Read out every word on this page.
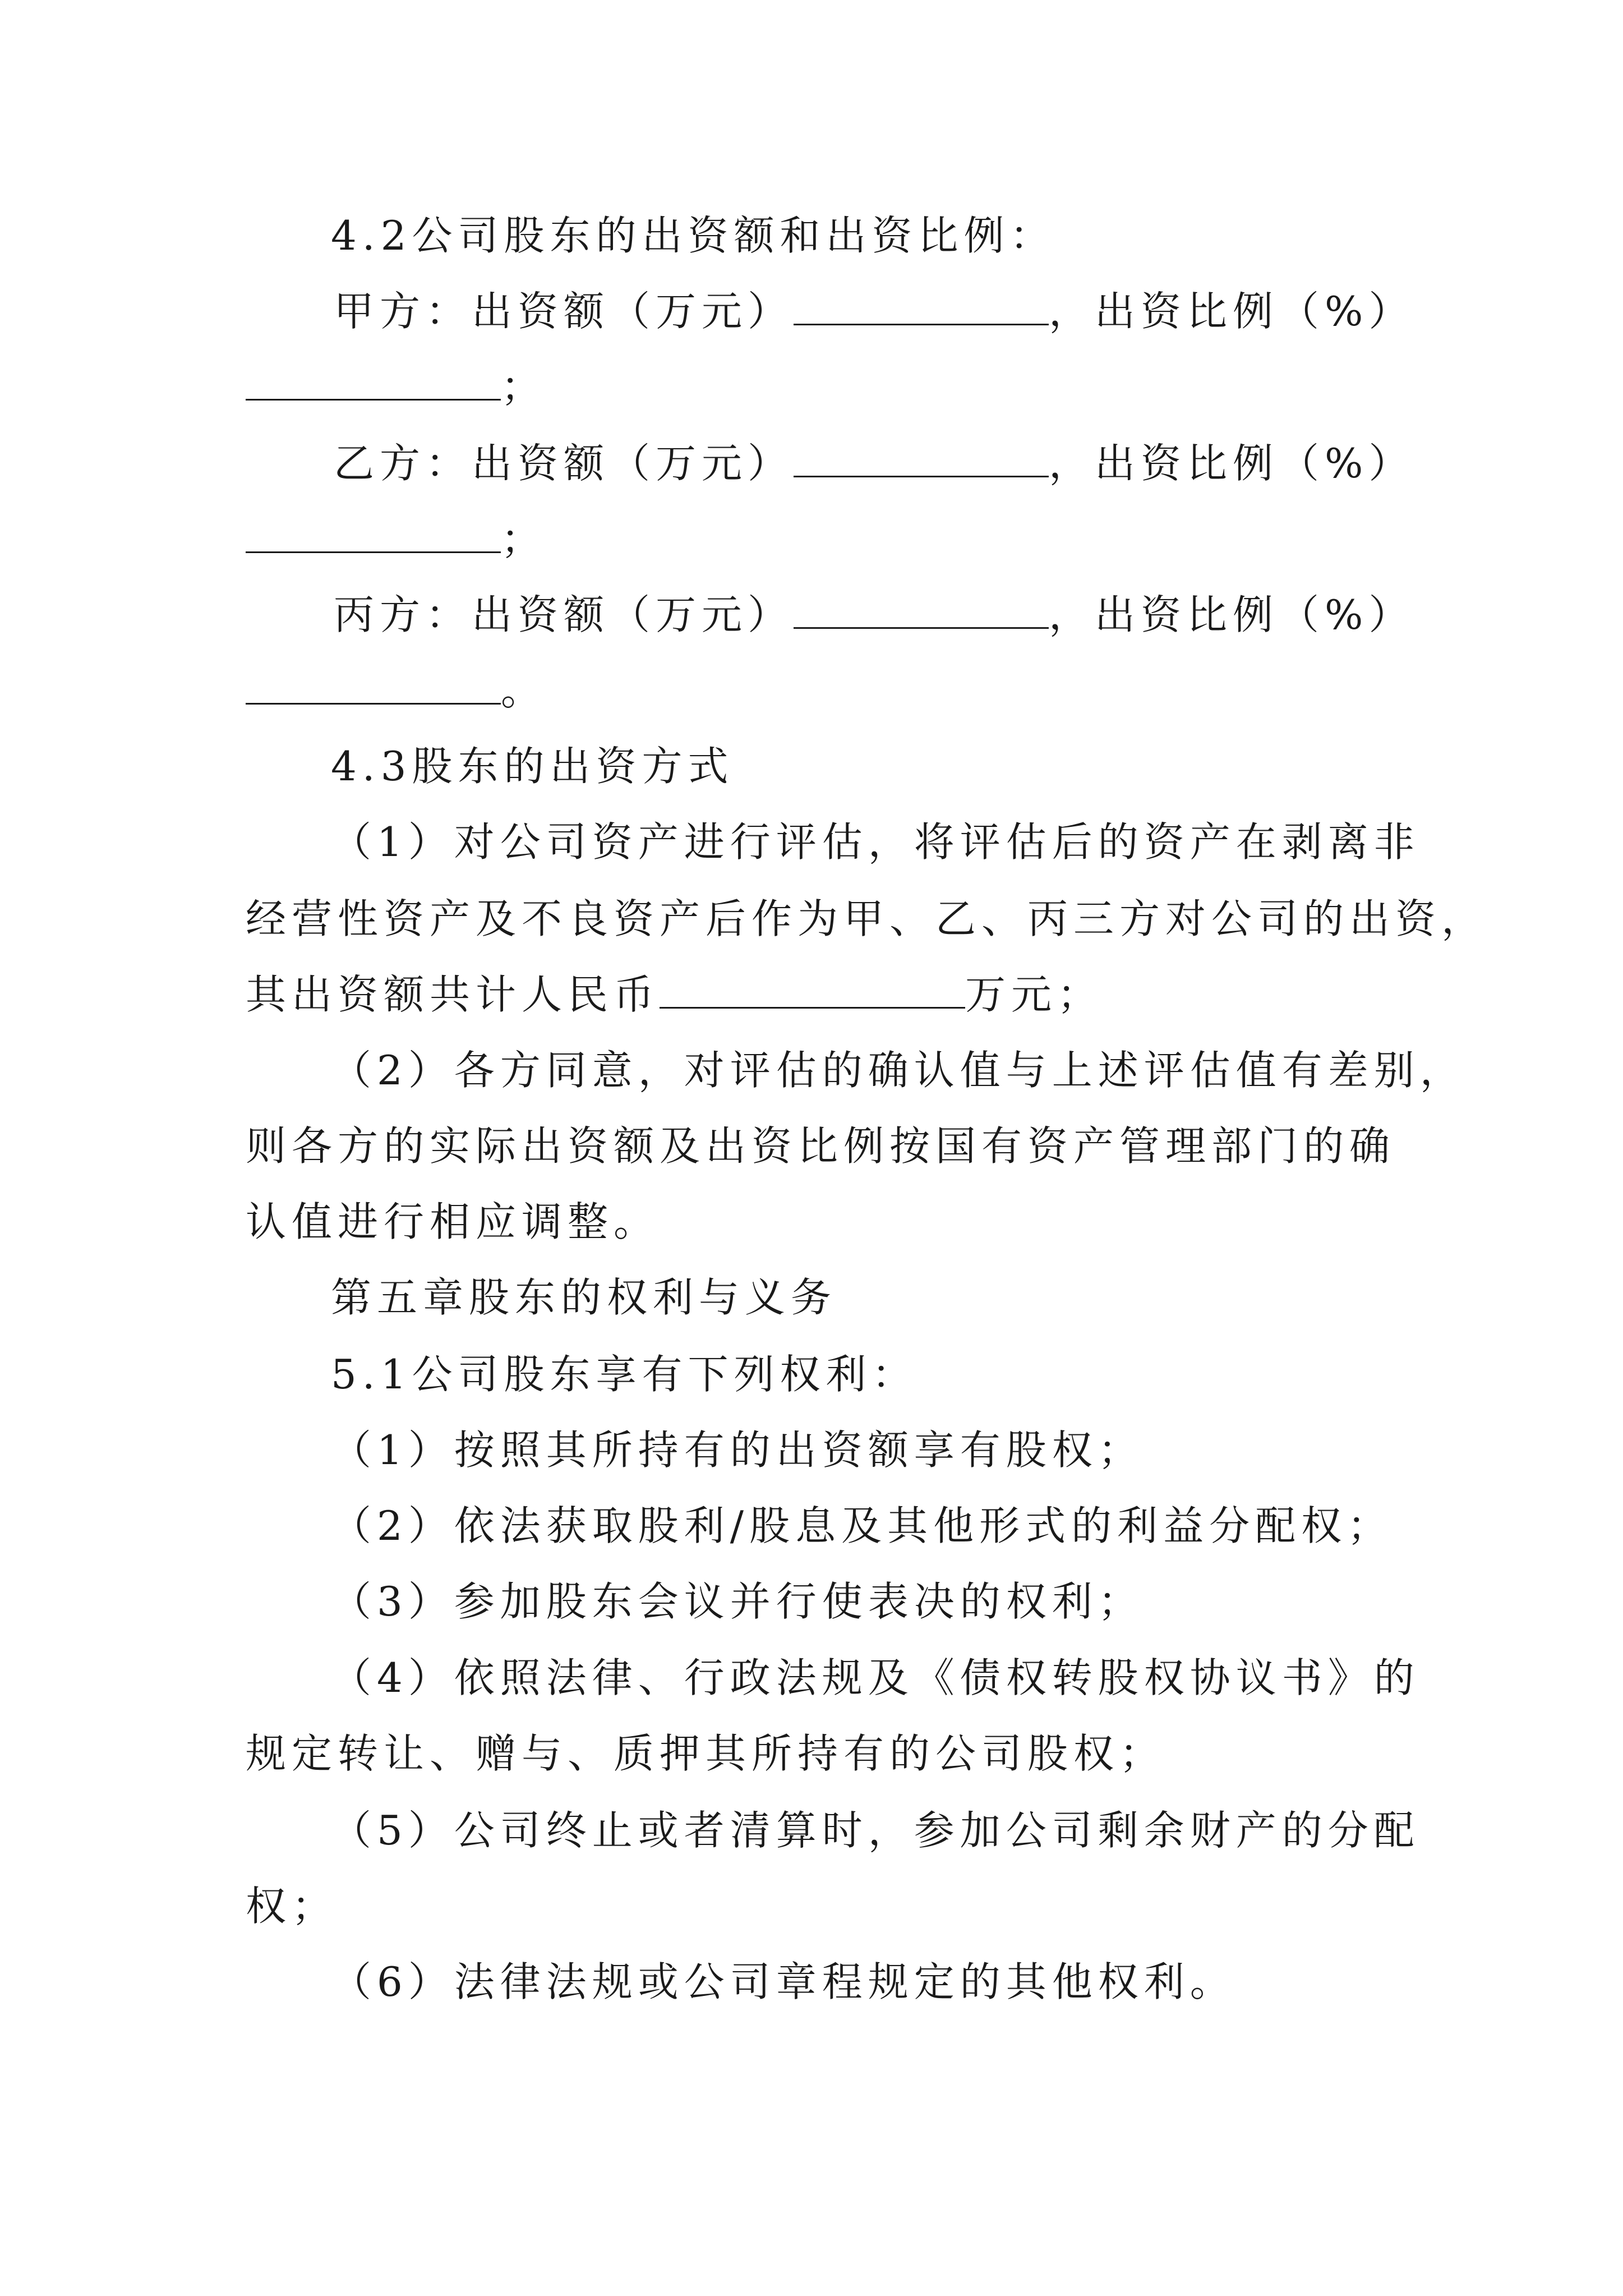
4.2公司股东的出资额和出资比例：
甲方：出资额（万元）	，出资比例（%）
；
乙方：出资额（万元）	，出资比例（%）
；
丙方：出资额（万元）	，出资比例（%）
。
4.3股东的出资方式
（1）对公司资产进行评估，将评估后的资产在剥离非
经营性资产及不良资产后作为甲、乙、丙三方对公司的出资，
其出资额共计人民币	万元；
（2）各方同意，对评估的确认值与上述评估值有差别，
则各方的实际出资额及出资比例按国有资产管理部门的确
认值进行相应调整。
第五章股东的权利与义务
5.1公司股东享有下列权利：
（1）按照其所持有的出资额享有股权；
（2）依法获取股利/股息及其他形式的利益分配权；
（3）参加股东会议并行使表决的权利；
（4）依照法律、行政法规及《债权转股权协议书》的
规定转让、赠与、质押其所持有的公司股权；
（5）公司终止或者清算时，参加公司剩余财产的分配
权；
（6）法律法规或公司章程规定的其他权利。
